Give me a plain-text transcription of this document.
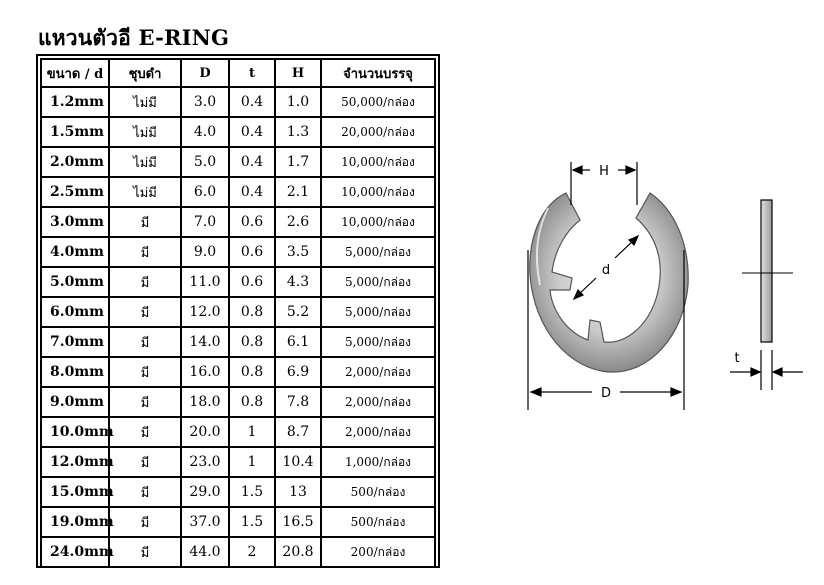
แหวนตัวอี E-RING
ขนาด / d	ชุบดำ	D	t	H	จำนวนบรรจุ
1.2mm	ไม่มี	3.0	0.4	1.0	50,000/กล่อง
1.5mm	ไม่มี	4.0	0.4	1.3	20,000/กล่อง
2.0mm	ไม่มี	5.0	0.4	1.7	10,000/กล่อง
2.5mm	ไม่มี	6.0	0.4	2.1	10,000/กล่อง
3.0mm	มี	7.0	0.6	2.6	10,000/กล่อง
4.0mm	มี	9.0	0.6	3.5	5,000/กล่อง
5.0mm	มี	11.0	0.6	4.3	5,000/กล่อง
6.0mm	มี	12.0	0.8	5.2	5,000/กล่อง
7.0mm	มี	14.0	0.8	6.1	5,000/กล่อง
8.0mm	มี	16.0	0.8	6.9	2,000/กล่อง
9.0mm	มี	18.0	0.8	7.8	2,000/กล่อง
10.0mm	มี	20.0	1	8.7	2,000/กล่อง
12.0mm	มี	23.0	1	10.4	1,000/กล่อง
15.0mm	มี	29.0	1.5	13	500/กล่อง
19.0mm	มี	37.0	1.5	16.5	500/กล่อง
24.0mm	มี	44.0	2	20.8	200/กล่อง
H
d
D
t
